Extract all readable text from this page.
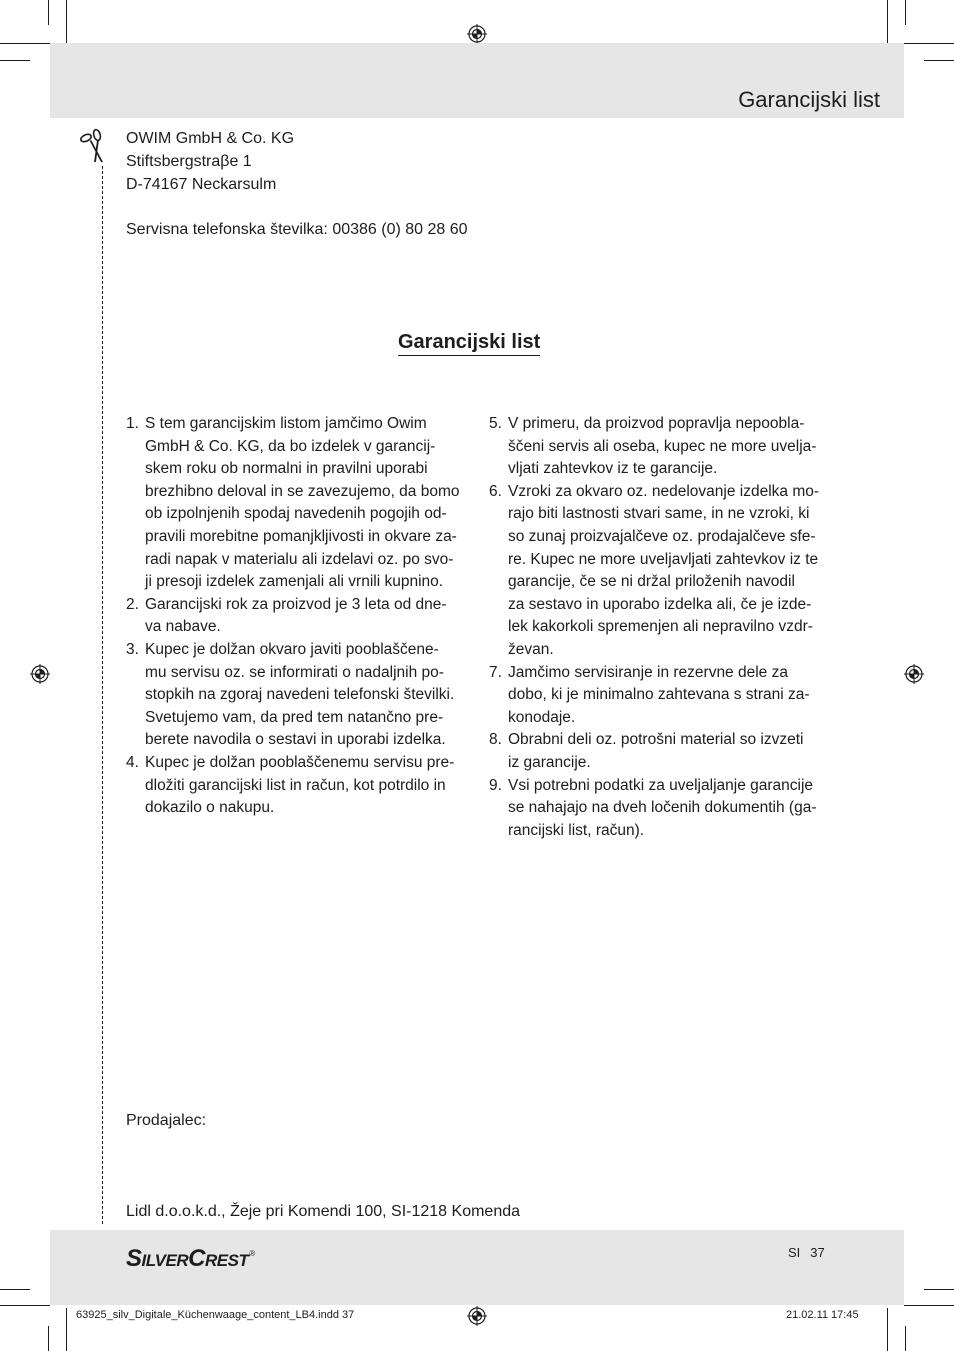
Garancijski list
OWIM GmbH & Co. KG
Stiftsbergstraβe 1
D-74167 Neckarsulm
Servisna telefonska številka: 00386 (0) 80 28 60
Garancijski list
1. S tem garancijskim listom jamčimo Owim
GmbH & Co. KG, da bo izdelek v garancij-
skem roku ob normalni in pravilni uporabi
brezhibno deloval in se zavezujemo, da bomo
ob izpolnjenih spodaj navedenih pogojih od-
pravili morebitne pomanjkljivosti in okvare za-
radi napak v materialu ali izdelavi oz. po svo-
ji presoji izdelek zamenjali ali vrnili kupnino.
2. Garancijski rok za proizvod je 3 leta od dne-
va nabave.
3. Kupec je dolžan okvaro javiti pooblaščene-
mu servisu oz. se informirati o nadaljnih po-
stopkih na zgoraj navedeni telefonski številki.
Svetujemo vam, da pred tem natančno pre-
berete navodila o sestavi in uporabi izdelka.
4. Kupec je dolžan pooblaščenemu servisu pre-
dložiti garancijski list in račun, kot potrdilo in
dokazilo o nakupu.
5. V primeru, da proizvod popravlja nepoobla-
ščeni servis ali oseba, kupec ne more uvelja-
vljati zahtevkov iz te garancije.
6. Vzroki za okvaro oz. nedelovanje izdelka mo-
rajo biti lastnosti stvari same, in ne vzroki, ki
so zunaj proizvajalčeve oz. prodajalčeve sfe-
re. Kupec ne more uveljavljati zahtevkov iz te
garancije, če se ni držal priloženih navodil
za sestavo in uporabo izdelka ali, če je izde-
lek kakorkoli spremenjen ali nepravilno vzdr-
ževan.
7. Jamčimo servisiranje in rezervne dele za
dobo, ki je minimalno zahtevana s strani za-
konodaje.
8. Obrabni deli oz. potrošni material so izvzeti
iz garancije.
9. Vsi potrebni podatki za uveljaljanje garancije
se nahajajo na dveh ločenih dokumentih (ga-
rancijski list, račun).
Prodajalec:
Lidl d.o.o.k.d., Žeje pri Komendi 100, SI-1218 Komenda
SILVERCREST®	SI 37
63925_silv_Digitale_Küchenwaage_content_LB4.indd 37	21.02.11 17:45
